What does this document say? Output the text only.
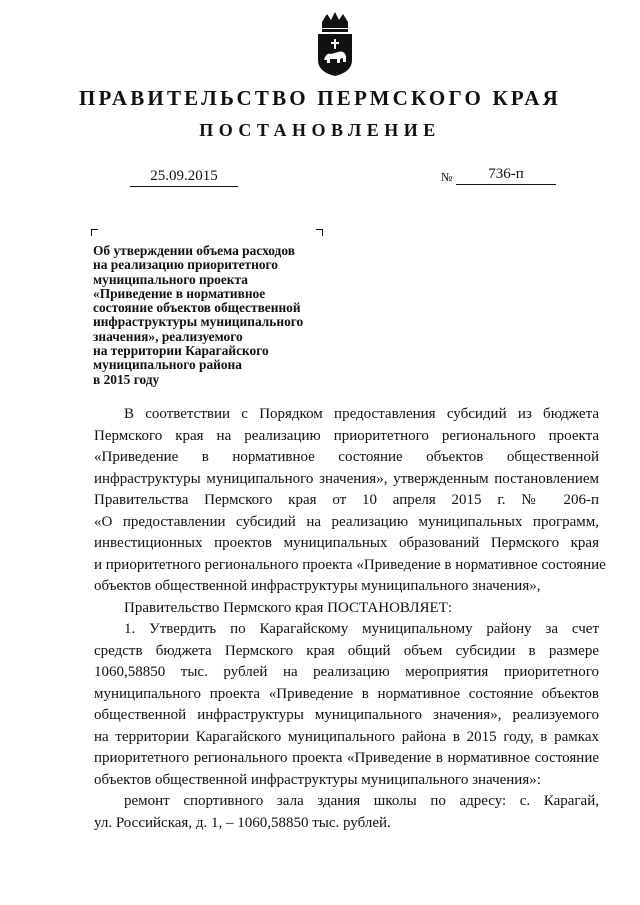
ПРАВИТЕЛЬСТВО ПЕРМСКОГО КРАЯ
ПОСТАНОВЛЕНИЕ
25.09.2015	№	736-п
Об утверждении объема расходов
на реализацию приоритетного
муниципального проекта
«Приведение в нормативное
состояние объектов общественной
инфраструктуры муниципального
значения», реализуемого
на территории Карагайского
муниципального района
в 2015 году
В соответствии с Порядком предоставления субсидий из бюджета
Пермского края на реализацию приоритетного регионального проекта
«Приведение в нормативное состояние объектов общественной
инфраструктуры муниципального значения», утвержденным постановлением
Правительства Пермского края от 10 апреля 2015 г. № 206-п
«О предоставлении субсидий на реализацию муниципальных программ,
инвестиционных проектов муниципальных образований Пермского края
и приоритетного регионального проекта «Приведение в нормативное состояние
объектов общественной инфраструктуры муниципального значения»,
Правительство Пермского края ПОСТАНОВЛЯЕТ:
1. Утвердить по Карагайскому муниципальному району за счет
средств бюджета Пермского края общий объем субсидии в размере
1060,58850 тыс. рублей на реализацию мероприятия приоритетного
муниципального проекта «Приведение в нормативное состояние объектов
общественной инфраструктуры муниципального значения», реализуемого
на территории Карагайского муниципального района в 2015 году, в рамках
приоритетного регионального проекта «Приведение в нормативное состояние
объектов общественной инфраструктуры муниципального значения»:
ремонт спортивного зала здания школы по адресу: с. Карагай,
ул. Российская, д. 1, – 1060,58850 тыс. рублей.
